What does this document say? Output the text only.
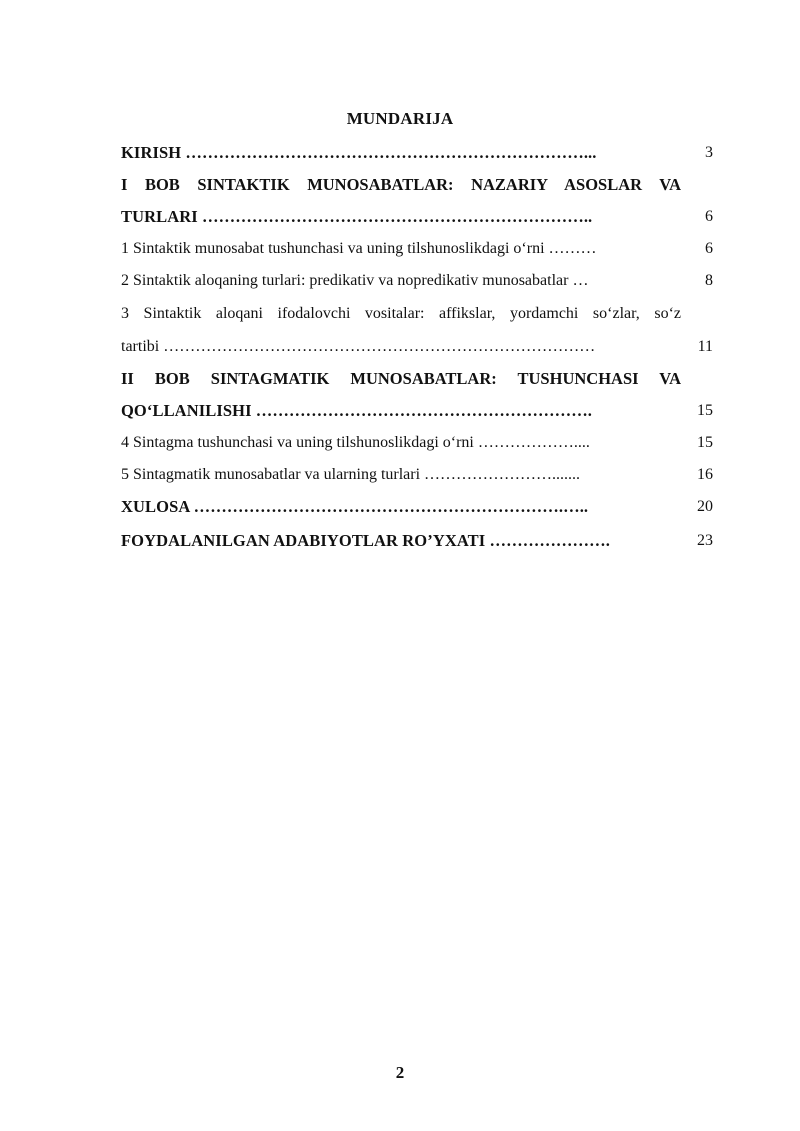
MUNDARIJA
KIRISH ………………………………………………………………...	3
I BOB SINTAKTIK MUNOSABATLAR: NAZARIY ASOSLAR VA
TURLARI ……………………………………………………………..	6
1 Sintaktik munosabat tushunchasi va uning tilshunoslikdagi o‘rni ………	6
2 Sintaktik aloqaning turlari: predikativ va nopredikativ munosabatlar …	8
3 Sintaktik aloqani ifodalovchi vositalar: affikslar, yordamchi so‘zlar, so‘z
tartibi ………………………………………………………………………	11
II BOB SINTAGMATIK MUNOSABATLAR: TUSHUNCHASI VA
QO‘LLANILISHI …………………………………………………….	15
4 Sintagma tushunchasi va uning tilshunoslikdagi o‘rni ………………....	15
5 Sintagmatik munosabatlar va ularning turlari …………………….......	16
XULOSA ………………………………………………………….…..	20
FOYDALANILGAN ADABIYOTLAR RO’YXATI ………………….	23
2
